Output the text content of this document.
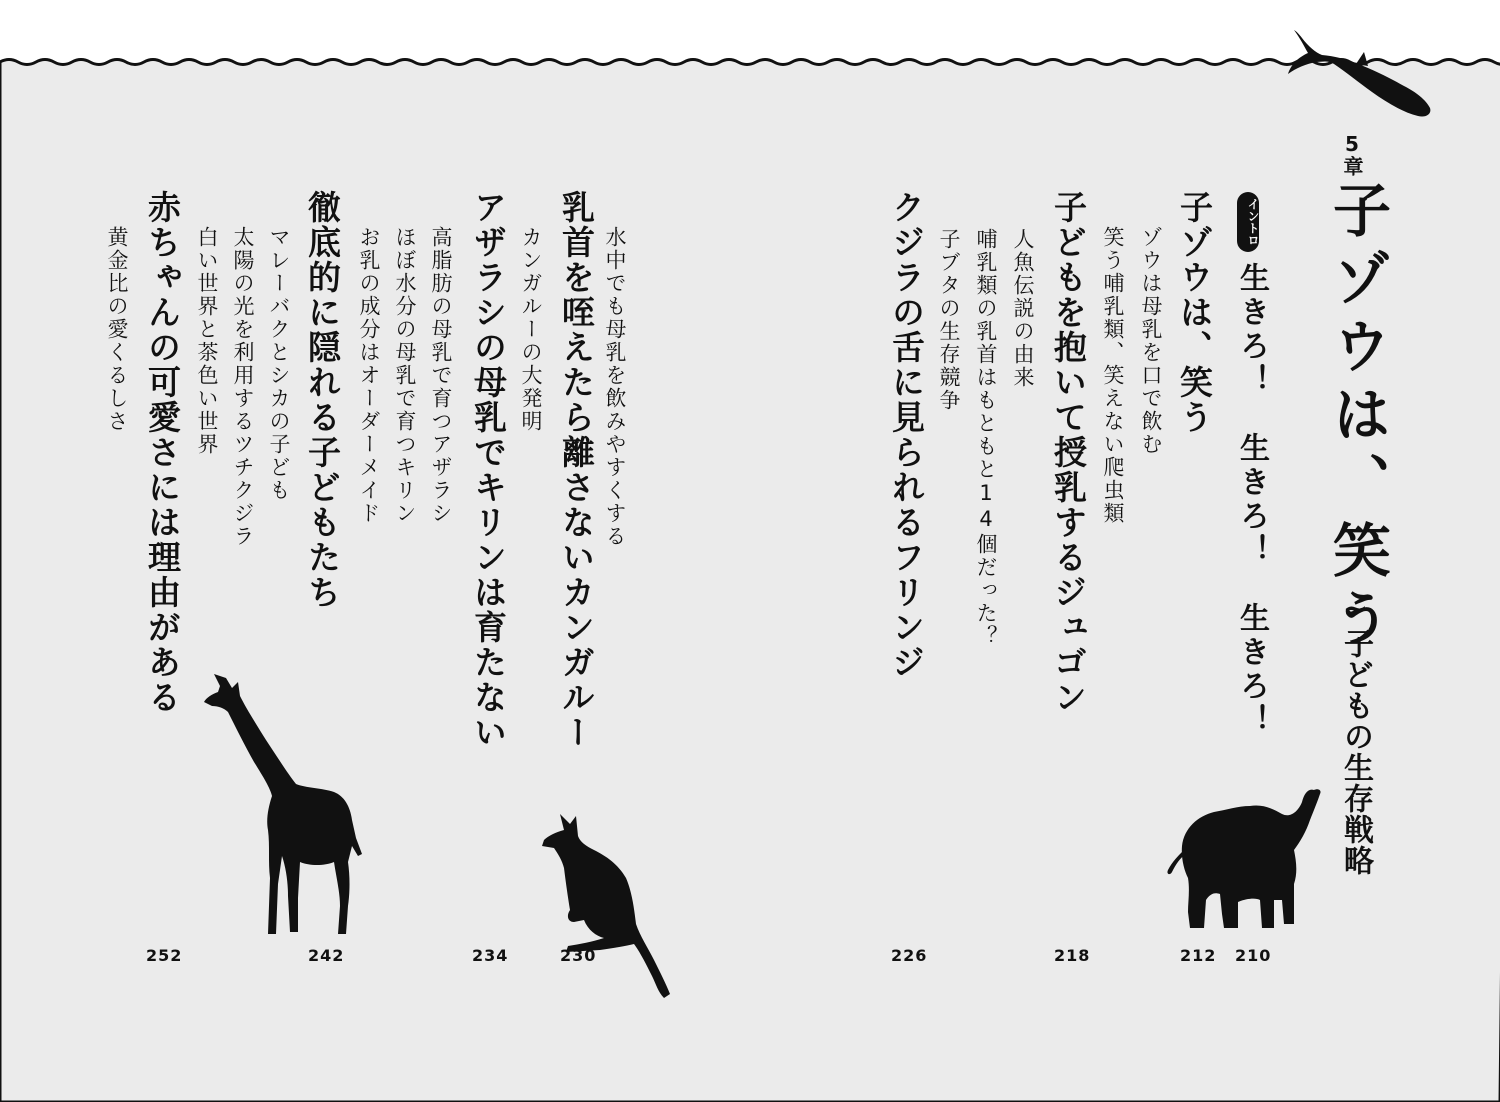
5章
子ゾウは、笑う
~子どもの生存戦略
イントロ
生きろ！　生きろ！　生きろ！
210
子ゾウは、笑う
ゾウは母乳を口で飲む
笑う哺乳類、笑えない爬虫類
212
子どもを抱いて授乳するジュゴン
人魚伝説の由来
哺乳類の乳首はもともと14個だった？
子ブタの生存競争
218
クジラの舌に見られるフリンジ
226
乳首を咥えたら離さないカンガルー 水中でも母乳を飲みやすくする
カンガルーの大発明
230
アザラシの母乳でキリンは育たない
高脂肪の母乳で育つアザラシ
ほぼ水分の母乳で育つキリン
お乳の成分はオーダーメイド
234
徹底的に隠れる子どもたち
マレーバクとシカの子ども
太陽の光を利用するツチクジラ
白い世界と茶色い世界
242
赤ちゃんの可愛さには理由がある
黄金比の愛くるしさ
252
